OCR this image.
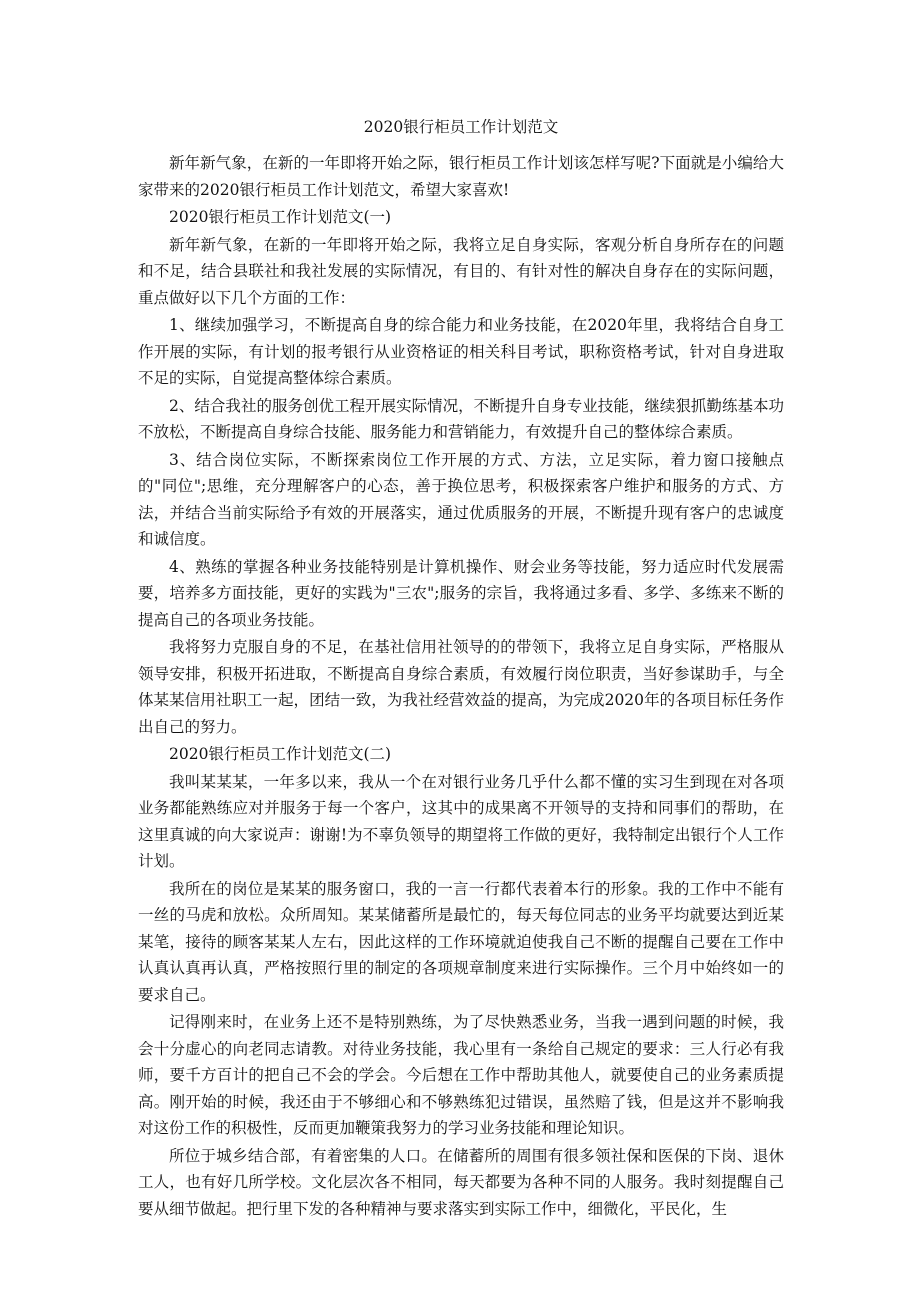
2020银行柜员工作计划范文

新年新气象，在新的一年即将开始之际，银行柜员工作计划该怎样写呢?下面就是小编给大家带来的2020银行柜员工作计划范文，希望大家喜欢!

2020银行柜员工作计划范文(一)

新年新气象，在新的一年即将开始之际，我将立足自身实际，客观分析自身所存在的问题和不足，结合县联社和我社发展的实际情况，有目的、有针对性的解决自身存在的实际问题，重点做好以下几个方面的工作：

1、继续加强学习，不断提高自身的综合能力和业务技能，在2020年里，我将结合自身工作开展的实际，有计划的报考银行从业资格证的相关科目考试，职称资格考试，针对自身进取不足的实际，自觉提高整体综合素质。

2、结合我社的服务创优工程开展实际情况，不断提升自身专业技能，继续狠抓勤练基本功不放松，不断提高自身综合技能、服务能力和营销能力，有效提升自己的整体综合素质。

3、结合岗位实际，不断探索岗位工作开展的方式、方法，立足实际，着力窗口接触点的"同位";思维，充分理解客户的心态，善于换位思考，积极探索客户维护和服务的方式、方法，并结合当前实际给予有效的开展落实，通过优质服务的开展，不断提升现有客户的忠诚度和诚信度。

4、熟练的掌握各种业务技能特别是计算机操作、财会业务等技能，努力适应时代发展需要，培养多方面技能，更好的实践为"三农";服务的宗旨，我将通过多看、多学、多练来不断的提高自己的各项业务技能。

我将努力克服自身的不足，在基社信用社领导的的带领下，我将立足自身实际，严格服从领导安排，积极开拓进取，不断提高自身综合素质，有效履行岗位职责，当好参谋助手，与全体某某信用社职工一起，团结一致，为我社经营效益的提高，为完成2020年的各项目标任务作出自己的努力。

2020银行柜员工作计划范文(二)

我叫某某某，一年多以来，我从一个在对银行业务几乎什么都不懂的实习生到现在对各项业务都能熟练应对并服务于每一个客户，这其中的成果离不开领导的支持和同事们的帮助，在这里真诚的向大家说声：谢谢!为不辜负领导的期望将工作做的更好，我特制定出银行个人工作计划。

我所在的岗位是某某的服务窗口，我的一言一行都代表着本行的形象。我的工作中不能有一丝的马虎和放松。众所周知。某某储蓄所是最忙的，每天每位同志的业务平均就要达到近某某笔，接待的顾客某某人左右，因此这样的工作环境就迫使我自己不断的提醒自己要在工作中认真认真再认真，严格按照行里的制定的各项规章制度来进行实际操作。三个月中始终如一的要求自己。

记得刚来时，在业务上还不是特别熟练，为了尽快熟悉业务，当我一遇到问题的时候，我会十分虚心的向老同志请教。对待业务技能，我心里有一条给自己规定的要求：三人行必有我师，要千方百计的把自己不会的学会。今后想在工作中帮助其他人，就要使自己的业务素质提高。刚开始的时候，我还由于不够细心和不够熟练犯过错误，虽然赔了钱，但是这并不影响我对这份工作的积极性，反而更加鞭策我努力的学习业务技能和理论知识。

所位于城乡结合部，有着密集的人口。在储蓄所的周围有很多领社保和医保的下岗、退休工人，也有好几所学校。文化层次各不相同，每天都要为各种不同的人服务。我时刻提醒自己要从细节做起。把行里下发的各种精神与要求落实到实际工作中，细微化，平民化，生
